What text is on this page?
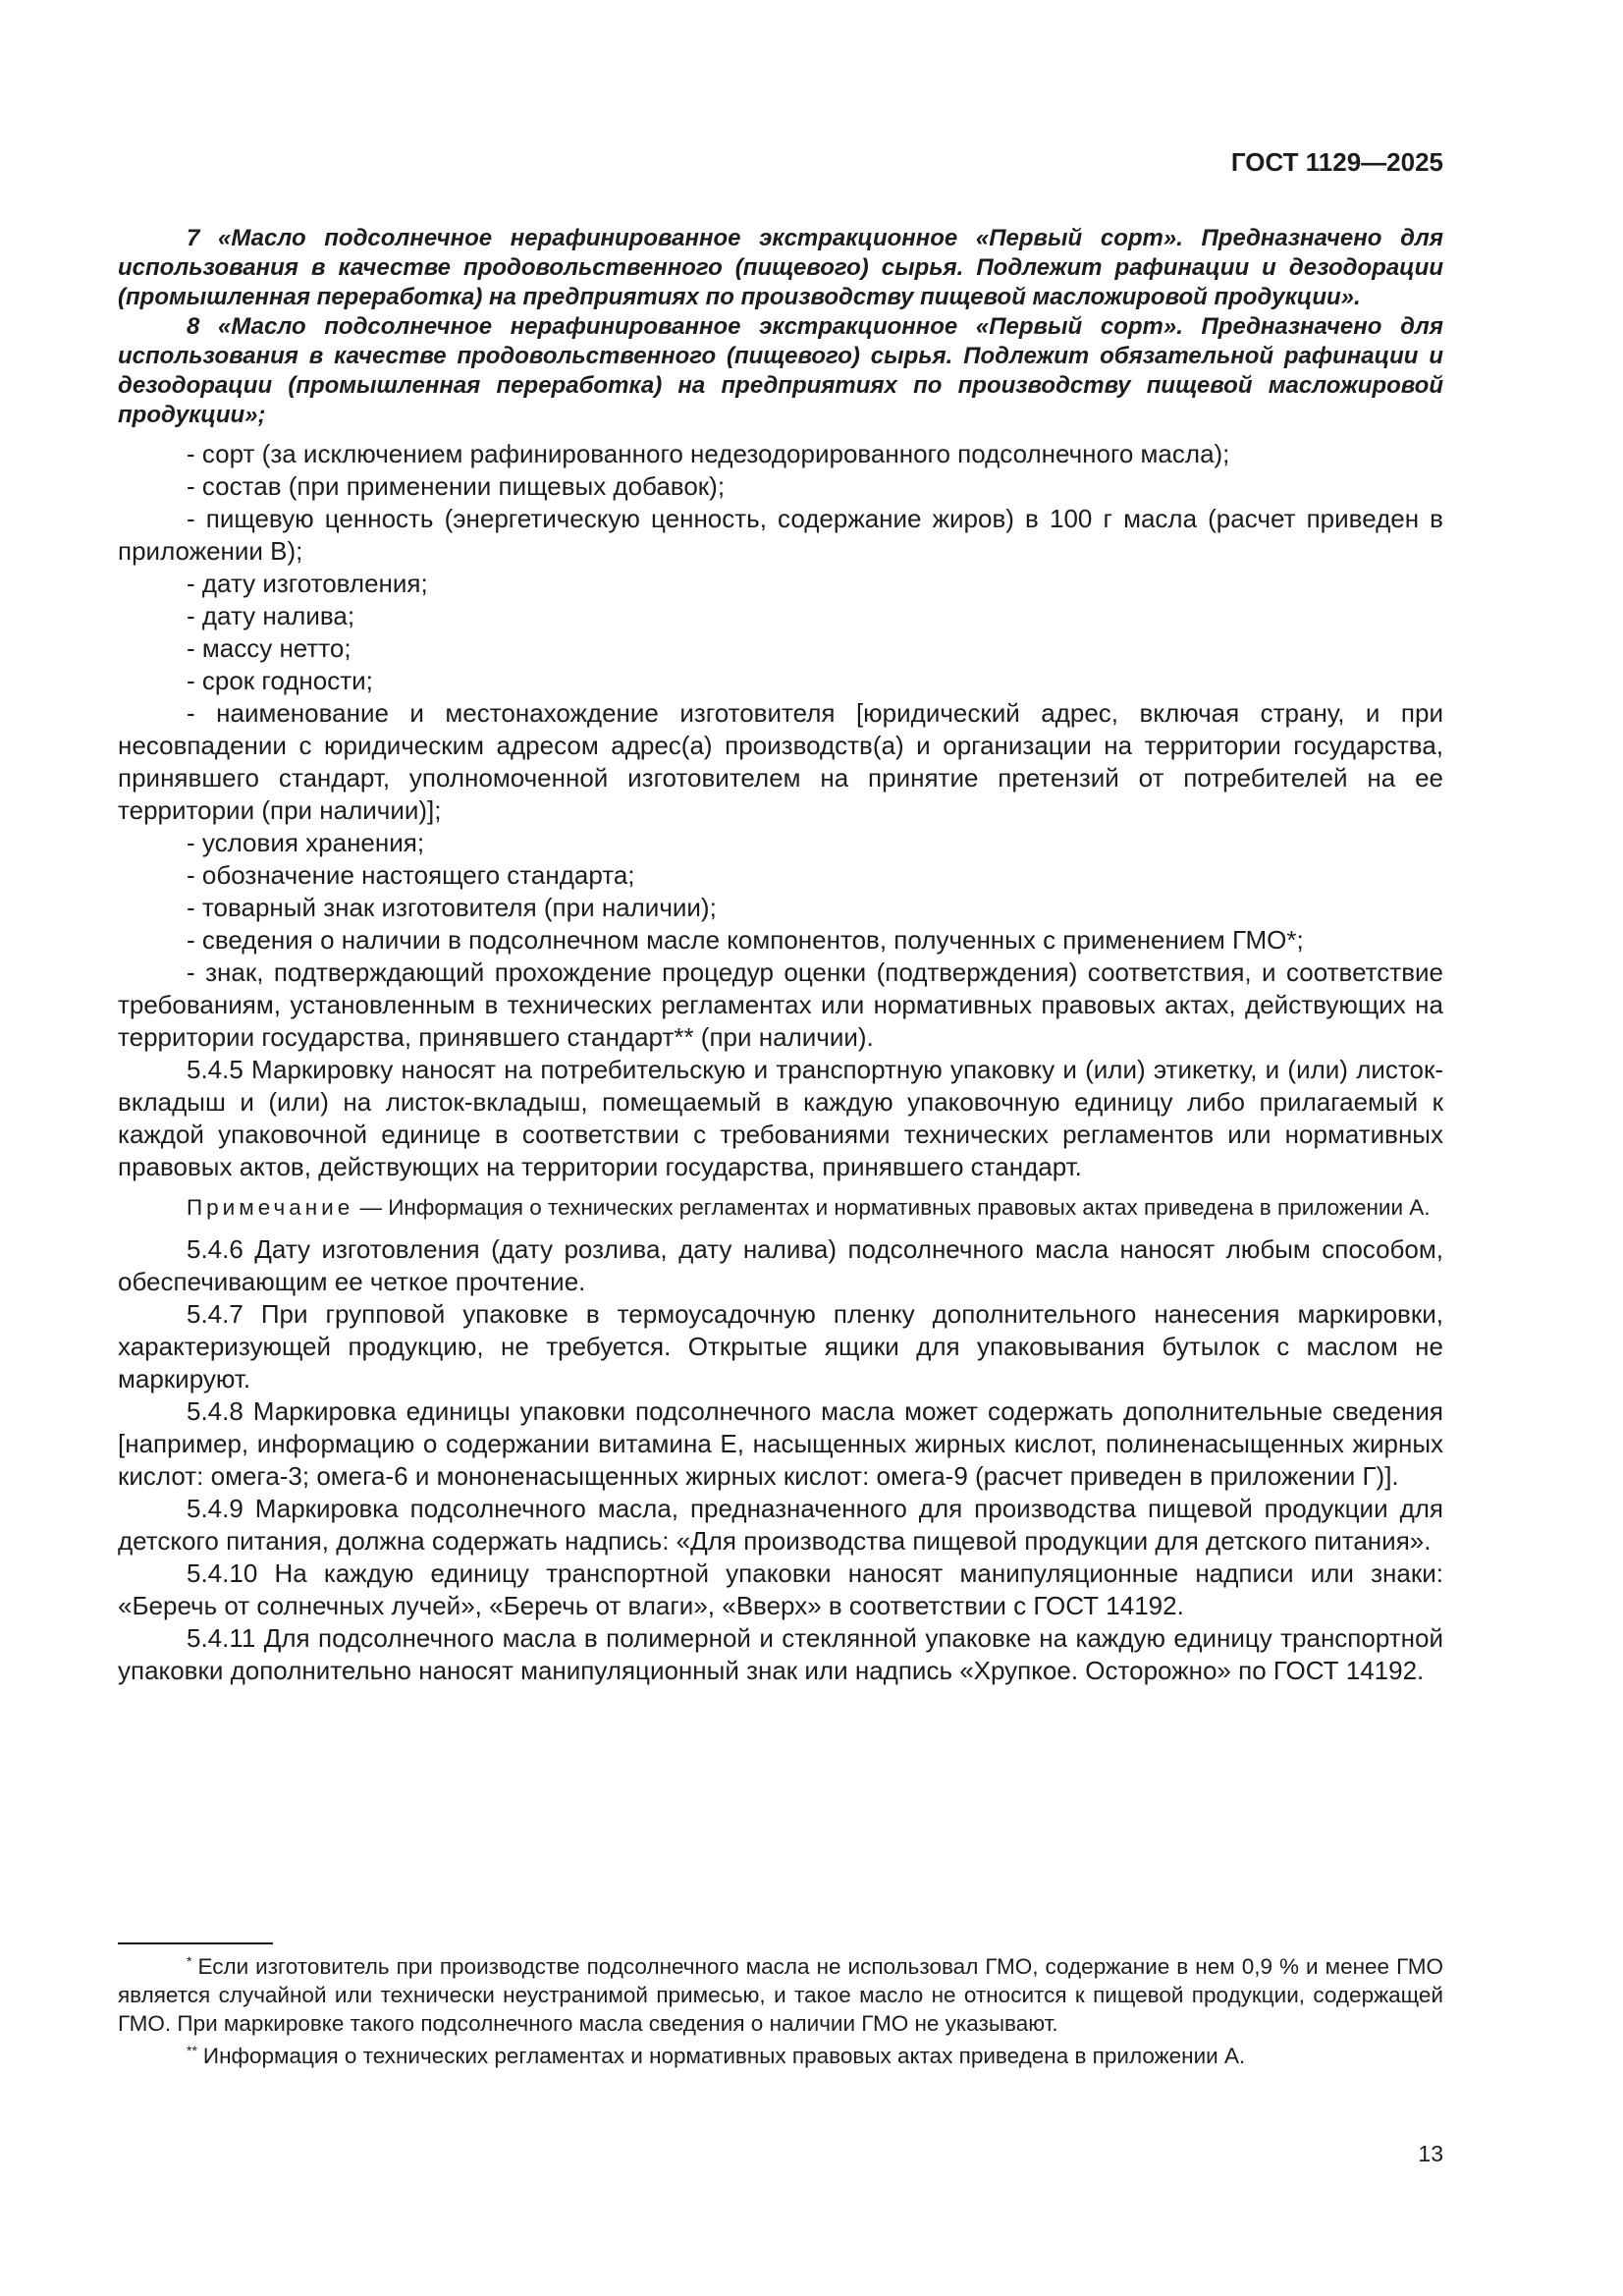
ГОСТ 1129—2025

7 «Масло подсолнечное нерафинированное экстракционное «Первый сорт». Предназначено для использования в качестве продовольственного (пищевого) сырья. Подлежит рафинации и дезодорации (промышленная переработка) на предприятиях по производству пищевой масложировой продукции».

8 «Масло подсолнечное нерафинированное экстракционное «Первый сорт». Предназначено для использования в качестве продовольственного (пищевого) сырья. Подлежит обязательной рафинации и дезодорации (промышленная переработка) на предприятиях по производству пищевой масложировой продукции»;

- сорт (за исключением рафинированного недезодорированного подсолнечного масла);

- состав (при применении пищевых добавок);

- пищевую ценность (энергетическую ценность, содержание жиров) в 100 г масла (расчет приведен в приложении В);

- дату изготовления;

- дату налива;

- массу нетто;

- срок годности;

- наименование и местонахождение изготовителя [юридический адрес, включая страну, и при несовпадении с юридическим адресом адрес(а) производств(а) и организации на территории государства, принявшего стандарт, уполномоченной изготовителем на принятие претензий от потребителей на ее территории (при наличии)];

- условия хранения;

- обозначение настоящего стандарта;

- товарный знак изготовителя (при наличии);

- сведения о наличии в подсолнечном масле компонентов, полученных с применением ГМО*;

- знак, подтверждающий прохождение процедур оценки (подтверждения) соответствия, и соответствие требованиям, установленным в технических регламентах или нормативных правовых актах, действующих на территории государства, принявшего стандарт** (при наличии).

5.4.5 Маркировку наносят на потребительскую и транспортную упаковку и (или) этикетку, и (или) листок-вкладыш и (или) на листок-вкладыш, помещаемый в каждую упаковочную единицу либо прилагаемый к каждой упаковочной единице в соответствии с требованиями технических регламентов или нормативных правовых актов, действующих на территории государства, принявшего стандарт.

Примечание — Информация о технических регламентах и нормативных правовых актах приведена в приложении А.

5.4.6 Дату изготовления (дату розлива, дату налива) подсолнечного масла наносят любым способом, обеспечивающим ее четкое прочтение.

5.4.7 При групповой упаковке в термоусадочную пленку дополнительного нанесения маркировки, характеризующей продукцию, не требуется. Открытые ящики для упаковывания бутылок с маслом не маркируют.

5.4.8 Маркировка единицы упаковки подсолнечного масла может содержать дополнительные сведения [например, информацию о содержании витамина Е, насыщенных жирных кислот, полиненасыщенных жирных кислот: омега-3; омега-6 и мононенасыщенных жирных кислот: омега-9 (расчет приведен в приложении Г)].

5.4.9 Маркировка подсолнечного масла, предназначенного для производства пищевой продукции для детского питания, должна содержать надпись: «Для производства пищевой продукции для детского питания».

5.4.10 На каждую единицу транспортной упаковки наносят манипуляционные надписи или знаки: «Беречь от солнечных лучей», «Беречь от влаги», «Вверх» в соответствии с ГОСТ 14192.

5.4.11 Для подсолнечного масла в полимерной и стеклянной упаковке на каждую единицу транспортной упаковки дополнительно наносят манипуляционный знак или надпись «Хрупкое. Осторожно» по ГОСТ 14192.

* Если изготовитель при производстве подсолнечного масла не использовал ГМО, содержание в нем 0,9 % и менее ГМО является случайной или технически неустранимой примесью, и такое масло не относится к пищевой продукции, содержащей ГМО. При маркировке такого подсолнечного масла сведения о наличии ГМО не указывают.

** Информация о технических регламентах и нормативных правовых актах приведена в приложении А.

13
